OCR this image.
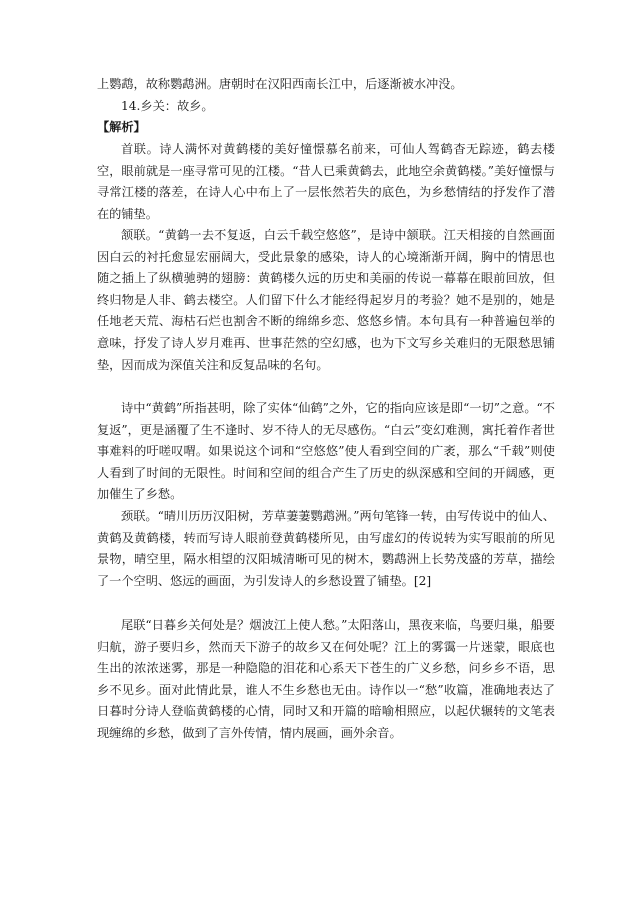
上鹦鹉，故称鹦鹉洲。唐朝时在汉阳西南长江中，后逐渐被水冲没。

14.乡关：故乡。

【解析】

首联。诗人满怀对黄鹤楼的美好憧憬慕名前来，可仙人驾鹤杳无踪迹，鹤去楼空，眼前就是一座寻常可见的江楼。“昔人已乘黄鹤去，此地空余黄鹤楼。”美好憧憬与寻常江楼的落差，在诗人心中布上了一层怅然若失的底色，为乡愁情结的抒发作了潜在的铺垫。

颔联。“黄鹤一去不复返，白云千载空悠悠”，是诗中颔联。江天相接的自然画面因白云的衬托愈显宏丽阔大，受此景象的感染，诗人的心境渐渐开阔，胸中的情思也随之插上了纵横驰骋的翅膀：黄鹤楼久远的历史和美丽的传说一幕幕在眼前回放，但终归物是人非、鹤去楼空。人们留下什么才能经得起岁月的考验？她不是别的，她是任地老天荒、海枯石烂也割舍不断的绵绵乡恋、悠悠乡情。本句具有一种普遍包举的意味，抒发了诗人岁月难再、世事茫然的空幻感，也为下文写乡关难归的无限愁思铺垫，因而成为深值关注和反复品味的名句。

诗中“黄鹤”所指甚明，除了实体“仙鹤”之外，它的指向应该是即“一切”之意。“不复返”，更是涵覆了生不逢时、岁不待人的无尽感伤。“白云”变幻难测，寓托着作者世事难料的吁嗟叹喟。如果说这个词和“空悠悠”使人看到空间的广袤，那么“千载”则使人看到了时间的无限性。时间和空间的组合产生了历史的纵深感和空间的开阔感，更加催生了乡愁。

颈联。“晴川历历汉阳树，芳草萋萋鹦鹉洲。”两句笔锋一转，由写传说中的仙人、黄鹤及黄鹤楼，转而写诗人眼前登黄鹤楼所见，由写虚幻的传说转为实写眼前的所见景物，晴空里，隔水相望的汉阳城清晰可见的树木，鹦鹉洲上长势茂盛的芳草，描绘了一个空明、悠远的画面，为引发诗人的乡愁设置了铺垫。[2]

尾联“日暮乡关何处是？烟波江上使人愁。”太阳落山，黑夜来临，鸟要归巢，船要归航，游子要归乡，然而天下游子的故乡又在何处呢？江上的雾霭一片迷蒙，眼底也生出的浓浓迷雾，那是一种隐隐的泪花和心系天下苍生的广义乡愁，问乡乡不语，思乡不见乡。面对此情此景，谁人不生乡愁也无由。诗作以一“愁”收篇，准确地表达了日暮时分诗人登临黄鹤楼的心情，同时又和开篇的暗喻相照应，以起伏辗转的文笔表现缠绵的乡愁，做到了言外传情，情内展画，画外余音。
